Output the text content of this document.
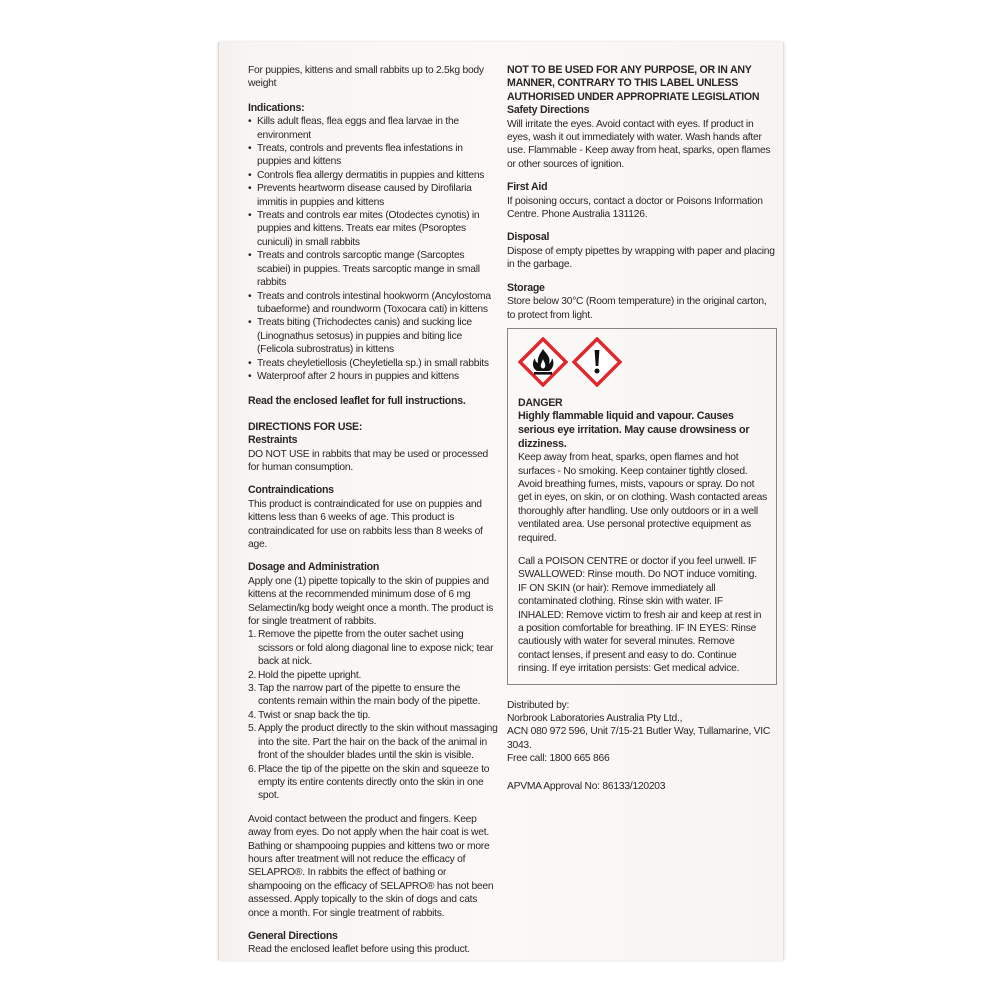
For puppies, kittens and small rabbits up to 2.5kg body weight

Indications:

• Kills adult fleas, flea eggs and flea larvae in the environment
• Treats, controls and prevents flea infestations in puppies and kittens
• Controls flea allergy dermatitis in puppies and kittens
• Prevents heartworm disease caused by Dirofilaria immitis in puppies and kittens
• Treats and controls ear mites (Otodectes cynotis) in puppies and kittens. Treats ear mites (Psoroptes cuniculi) in small rabbits
• Treats and controls sarcoptic mange (Sarcoptes scabiei) in puppies. Treats sarcoptic mange in small rabbits
• Treats and controls intestinal hookworm (Ancylostoma tubaeforme) and roundworm (Toxocara cati) in kittens
• Treats biting (Trichodectes canis) and sucking lice (Linognathus setosus) in puppies and biting lice (Felicola subrostratus) in kittens
• Treats cheyletiellosis (Cheyletiella sp.) in small rabbits
• Waterproof after 2 hours in puppies and kittens

Read the enclosed leaflet for full instructions.

DIRECTIONS FOR USE:

Restraints

DO NOT USE in rabbits that may be used or processed for human consumption.

Contraindications

This product is contraindicated for use on puppies and kittens less than 6 weeks of age. This product is contraindicated for use on rabbits less than 8 weeks of age.

Dosage and Administration

Apply one (1) pipette topically to the skin of puppies and kittens at the recommended minimum dose of 6 mg Selamectin/kg body weight once a month. The product is for single treatment of rabbits.

1. Remove the pipette from the outer sachet using scissors or fold along diagonal line to expose nick; tear back at nick.
2. Hold the pipette upright.
3. Tap the narrow part of the pipette to ensure the contents remain within the main body of the pipette.
4. Twist or snap back the tip.
5. Apply the product directly to the skin without massaging into the site. Part the hair on the back of the animal in front of the shoulder blades until the skin is visible.
6. Place the tip of the pipette on the skin and squeeze to empty its entire contents directly onto the skin in one spot.

Avoid contact between the product and fingers. Keep away from eyes. Do not apply when the hair coat is wet. Bathing or shampooing puppies and kittens two or more hours after treatment will not reduce the efficacy of SELAPRO®. In rabbits the effect of bathing or shampooing on the efficacy of SELAPRO® has not been assessed. Apply topically to the skin of dogs and cats once a month. For single treatment of rabbits.

General Directions

Read the enclosed leaflet before using this product.

NOT TO BE USED FOR ANY PURPOSE, OR IN ANY MANNER, CONTRARY TO THIS LABEL UNLESS AUTHORISED UNDER APPROPRIATE LEGISLATION

Safety Directions

Will irritate the eyes. Avoid contact with eyes. If product in eyes, wash it out immediately with water. Wash hands after use. Flammable - Keep away from heat, sparks, open flames or other sources of ignition.

First Aid

If poisoning occurs, contact a doctor or Poisons Information Centre. Phone Australia 131126.

Disposal

Dispose of empty pipettes by wrapping with paper and placing in the garbage.

Storage

Store below 30°C (Room temperature) in the original carton, to protect from light.

DANGER

Highly flammable liquid and vapour. Causes serious eye irritation. May cause drowsiness or dizziness.

Keep away from heat, sparks, open flames and hot surfaces - No smoking. Keep container tightly closed. Avoid breathing fumes, mists, vapours or spray. Do not get in eyes, on skin, or on clothing. Wash contacted areas thoroughly after handling. Use only outdoors or in a well ventilated area. Use personal protective equipment as required.

Call a POISON CENTRE or doctor if you feel unwell. IF SWALLOWED: Rinse mouth. Do NOT induce vomiting. IF ON SKIN (or hair): Remove immediately all contaminated clothing. Rinse skin with water. IF INHALED: Remove victim to fresh air and keep at rest in a position comfortable for breathing. IF IN EYES: Rinse cautiously with water for several minutes. Remove contact lenses, if present and easy to do. Continue rinsing. If eye irritation persists: Get medical advice.

Distributed by:

Norbrook Laboratories Australia Pty Ltd.,

ACN 080 972 596, Unit 7/15-21 Butler Way, Tullamarine, VIC 3043.

Free call: 1800 665 866

APVMA Approval No: 86133/120203
